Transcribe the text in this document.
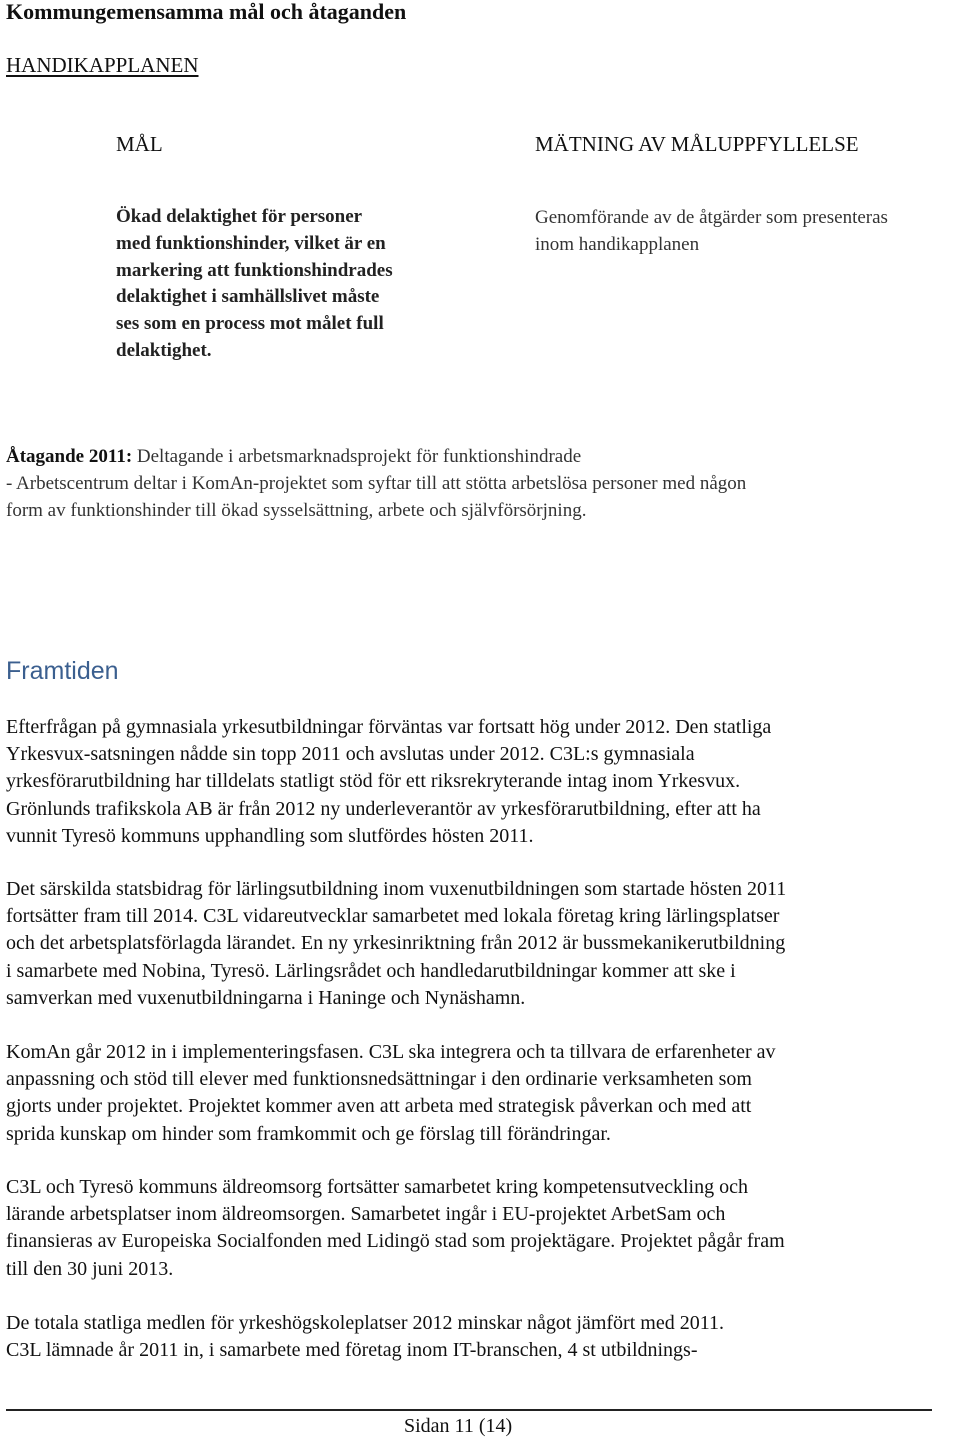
Kommungemensamma mål och åtaganden
HANDIKAPPLANEN
MÅL	MÄTNING AV MÅLUPPFYLLELSE
Ökad delaktighet för personer
med funktionshinder, vilket är en
markering att funktionshindrades
delaktighet i samhällslivet måste
ses som en process mot målet full
delaktighet.
Genomförande av de åtgärder som presenteras
inom handikapplanen
Åtagande 2011: Deltagande i arbetsmarknadsprojekt för funktionshindrade
- Arbetscentrum deltar i KomAn-projektet som syftar till att stötta arbetslösa personer med någon
form av funktionshinder till ökad sysselsättning, arbete och självförsörjning.
Framtiden
Efterfrågan på gymnasiala yrkesutbildningar förväntas var fortsatt hög under 2012. Den statliga
Yrkesvux-satsningen nådde sin topp 2011 och avslutas under 2012. C3L:s gymnasiala
yrkesförarutbildning har tilldelats statligt stöd för ett riksrekryterande intag inom Yrkesvux.
Grönlunds trafikskola AB är från 2012 ny underleverantör av yrkesförarutbildning, efter att ha
vunnit Tyresö kommuns upphandling som slutfördes hösten 2011.
Det särskilda statsbidrag för lärlingsutbildning inom vuxenutbildningen som startade hösten 2011
fortsätter fram till 2014. C3L vidareutvecklar samarbetet med lokala företag kring lärlingsplatser
och det arbetsplatsförlagda lärandet. En ny yrkesinriktning från 2012 är bussmekanikerutbildning
i samarbete med Nobina, Tyresö. Lärlingsrådet och handledarutbildningar kommer att ske i
samverkan med vuxenutbildningarna i Haninge och Nynäshamn.
KomAn går 2012 in i implementeringsfasen. C3L ska integrera och ta tillvara de erfarenheter av
anpassning och stöd till elever med funktionsnedsättningar i den ordinarie verksamheten som
gjorts under projektet. Projektet kommer aven att arbeta med strategisk påverkan och med att
sprida kunskap om hinder som framkommit och ge förslag till förändringar.
C3L och Tyresö kommuns äldreomsorg fortsätter samarbetet kring kompetensutveckling och
lärande arbetsplatser inom äldreomsorgen. Samarbetet ingår i EU-projektet ArbetSam och
finansieras av Europeiska Socialfonden med Lidingö stad som projektägare. Projektet pågår fram
till den 30 juni 2013.
De totala statliga medlen för yrkeshögskoleplatser 2012 minskar något jämfört med 2011.
C3L lämnade år 2011 in, i samarbete med företag inom IT-branschen, 4 st utbildnings-
Sidan 11 (14)
